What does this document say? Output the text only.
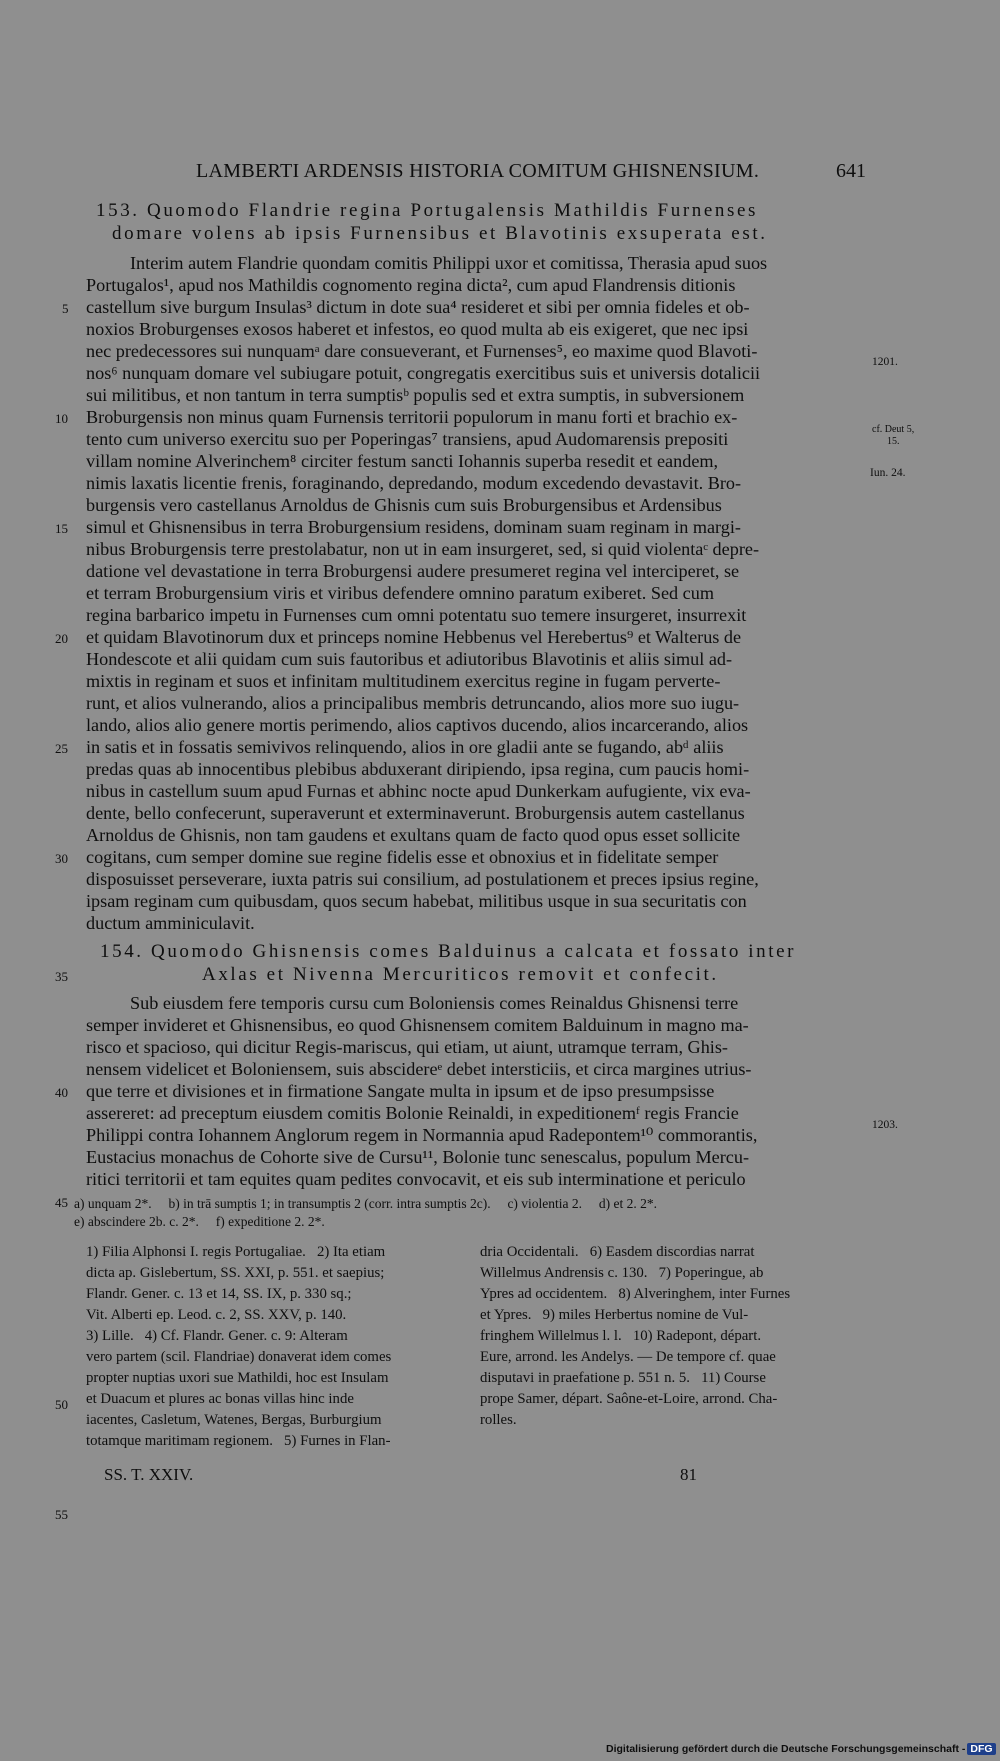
LAMBERTI ARDENSIS HISTORIA COMITUM GHISNENSIUM.	641
153. Quomodo Flandrie regina Portugalensis Mathildis Furnenses
domare volens ab ipsis Furnensibus et Blavotinis exsuperata est.
Interim autem Flandrie quondam comitis Philippi uxor et comitissa, Therasia apud suos
Portugalos¹, apud nos Mathildis cognomento regina dicta², cum apud Flandrensis ditionis
castellum sive burgum Insulas³ dictum in dote sua⁴ resideret et sibi per omnia fideles et ob-
noxios Broburgenses exosos haberet et infestos, eo quod multa ab eis exigeret, que nec ipsi
nec predecessores sui nunquamᵃ dare consueverant, et Furnenses⁵, eo maxime quod Blavoti-
nos⁶ nunquam domare vel subiugare potuit, congregatis exercitibus suis et universis dotalicii
sui militibus, et non tantum in terra sumptisᵇ populis sed et extra sumptis, in subversionem
Broburgensis non minus quam Furnensis territorii populorum in manu forti et brachio ex-
tento cum universo exercitu suo per Poperingas⁷ transiens, apud Audomarensis prepositi
villam nomine Alverinchem⁸ circiter festum sancti Iohannis superba resedit et eandem,
nimis laxatis licentie frenis, foraginando, depredando, modum excedendo devastavit. Bro-
burgensis vero castellanus Arnoldus de Ghisnis cum suis Broburgensibus et Ardensibus
simul et Ghisnensibus in terra Broburgensium residens, dominam suam reginam in margi-
nibus Broburgensis terre prestolabatur, non ut in eam insurgeret, sed, si quid violentaᶜ depre-
datione vel devastatione in terra Broburgensi audere presumeret regina vel interciperet, se
et terram Broburgensium viris et viribus defendere omnino paratum exiberet. Sed cum
regina barbarico impetu in Furnenses cum omni potentatu suo temere insurgeret, insurrexit
et quidam Blavotinorum dux et princeps nomine Hebbenus vel Herebertus⁹ et Walterus de
Hondescote et alii quidam cum suis fautoribus et adiutoribus Blavotinis et aliis simul ad-
mixtis in reginam et suos et infinitam multitudinem exercitus regine in fugam perverte-
runt, et alios vulnerando, alios a principalibus membris detruncando, alios more suo iugu-
lando, alios alio genere mortis perimendo, alios captivos ducendo, alios incarcerando, alios
in satis et in fossatis semivivos relinquendo, alios in ore gladii ante se fugando, abᵈ aliis
predas quas ab innocentibus plebibus abduxerant diripiendo, ipsa regina, cum paucis homi-
nibus in castellum suum apud Furnas et abhinc nocte apud Dunkerkam aufugiente, vix eva-
dente, bello confecerunt, superaverunt et exterminaverunt. Broburgensis autem castellanus
Arnoldus de Ghisnis, non tam gaudens et exultans quam de facto quod opus esset sollicite
cogitans, cum semper domine sue regine fidelis esse et obnoxius et in fidelitate semper
disposuisset perseverare, iuxta patris sui consilium, ad postulationem et preces ipsius regine,
ipsam reginam cum quibusdam, quos secum habebat, militibus usque in sua securitatis con
ductum amminiculavit.
154. Quomodo Ghisnensis comes Balduinus a calcata et fossato inter
Axlas et Nivenna Mercuriticos removit et confecit.
Sub eiusdem fere temporis cursu cum Boloniensis comes Reinaldus Ghisnensi terre
semper invideret et Ghisnensibus, eo quod Ghisnensem comitem Balduinum in magno ma-
risco et spacioso, qui dicitur Regis-mariscus, qui etiam, ut aiunt, utramque terram, Ghis-
nensem videlicet et Boloniensem, suis abscidereᵉ debet intersticiis, et circa margines utrius-
que terre et divisiones et in firmatione Sangate multa in ipsum et de ipso presumpsisse
assereret: ad preceptum eiusdem comitis Bolonie Reinaldi, in expeditionemᶠ regis Francie
Philippi contra Iohannem Anglorum regem in Normannia apud Radepontem¹⁰ commorantis,
Eustacius monachus de Cohorte sive de Cursu¹¹, Bolonie tunc senescalus, populum Mercu-
ritici territorii et tam equites quam pedites convocavit, et eis sub interminatione et periculo
5
10
15
20
25
30
35
40
45
50
55
1201.
cf. Deut 5,
15.
Iun. 24.
1203.
a) unquam 2*.     b) in trā sumptis 1; in transumptis 2 (corr. intra sumptis 2c).     c) violentia 2.     d) et 2. 2*.
e) abscindere 2b. c. 2*.     f) expeditione 2. 2*.
1) Filia Alphonsi I. regis Portugaliae.   2) Ita etiam
dicta ap. Gislebertum, SS. XXI, p. 551. et saepius;
Flandr. Gener. c. 13 et 14, SS. IX, p. 330 sq.;
Vit. Alberti ep. Leod. c. 2, SS. XXV, p. 140.
3) Lille.   4) Cf. Flandr. Gener. c. 9: Alteram
vero partem (scil. Flandriae) donaverat idem comes
propter nuptias uxori sue Mathildi, hoc est Insulam
et Duacum et plures ac bonas villas hinc inde
iacentes, Casletum, Watenes, Bergas, Burburgium
totamque maritimam regionem.   5) Furnes in Flan-
dria Occidentali.   6) Easdem discordias narrat
Willelmus Andrensis c. 130.   7) Poperingue, ab
Ypres ad occidentem.   8) Alveringhem, inter Furnes
et Ypres.   9) miles Herbertus nomine de Vul-
fringhem Willelmus l. l.   10) Radepont, départ.
Eure, arrond. les Andelys. — De tempore cf. quae
disputavi in praefatione p. 551 n. 5.   11) Course
prope Samer, départ. Saône-et-Loire, arrond. Cha-
rolles.
SS. T. XXIV.	81
Digitalisierung gefördert durch die Deutsche Forschungsgemeinschaft - DFG
